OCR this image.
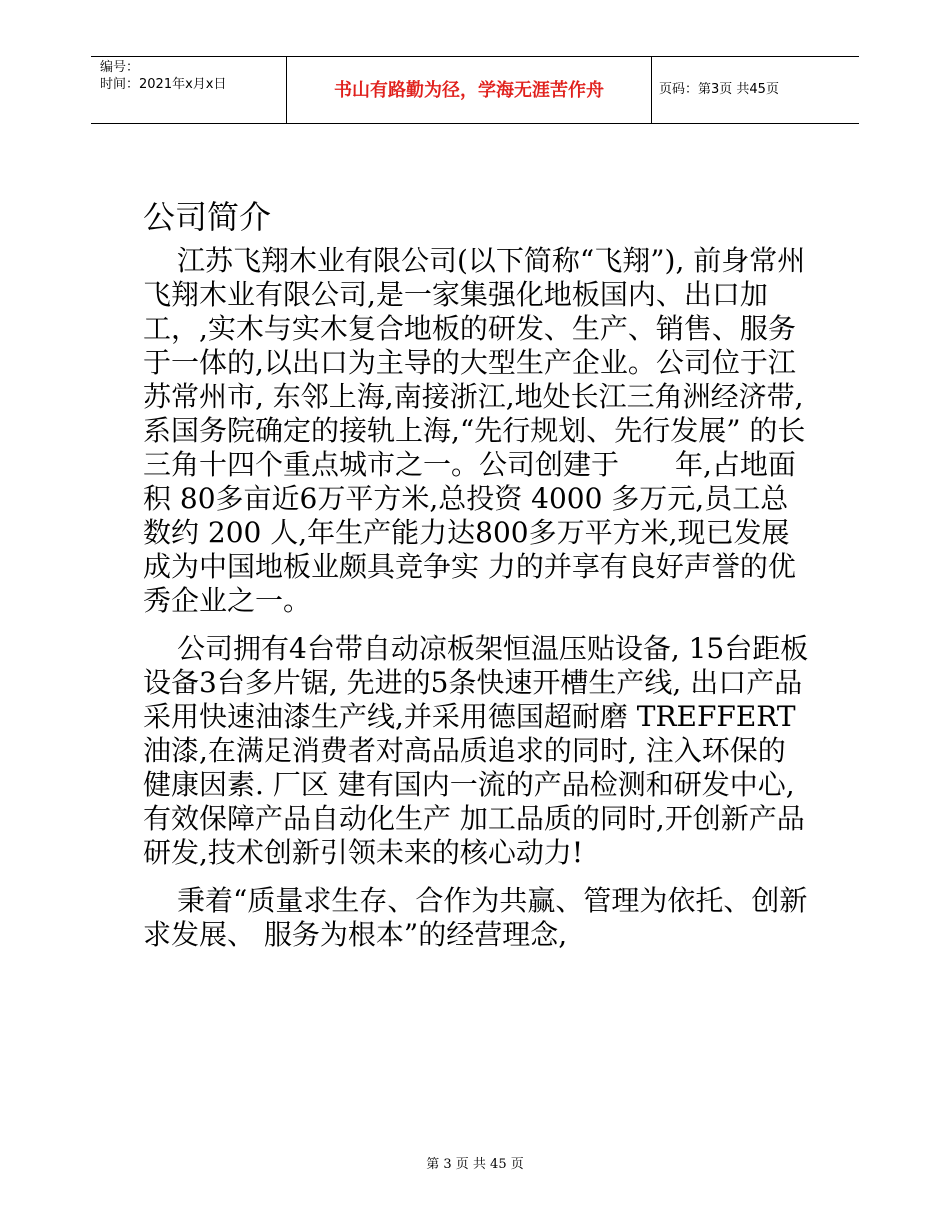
编号：
时间：2021年x月x日	书山有路勤为径，学海无涯苦作舟	页码：第3页 共45页
公司简介

江苏飞翔木业有限公司(以下简称“飞翔”), 前身常州飞翔木业有限公司,是一家集强化地板国内、出口加工，,实木与实木复合地板的研发、生产、销售、服务于一体的,以出口为主导的大型生产企业。公司位于江苏常州市, 东邻上海,南接浙江,地处长江三角洲经济带,系国务院确定的接轨上海,“先行规划、先行发展” 的长三角十四个重点城市之一。公司创建于　　年,占地面积 80多亩近6万平方米,总投资 4000 多万元,员工总数约 200 人,年生产能力达800多万平方米,现已发展成为中国地板业颇具竞争实 力的并享有良好声誉的优秀企业之一。

公司拥有4台带自动凉板架恒温压贴设备, 15台距板设备3台多片锯, 先进的5条快速开槽生产线, 出口产品采用快速油漆生产线,并采用德国超耐磨 TREFFERT 油漆,在满足消费者对高品质追求的同时, 注入环保的健康因素. 厂区 建有国内一流的产品检测和研发中心,有效保障产品自动化生产 加工品质的同时,开创新产品研发,技术创新引领未来的核心动力!

秉着“质量求生存、合作为共赢、管理为依托、创新求发展、 服务为根本”的经营理念,

第 3 页 共 45 页
